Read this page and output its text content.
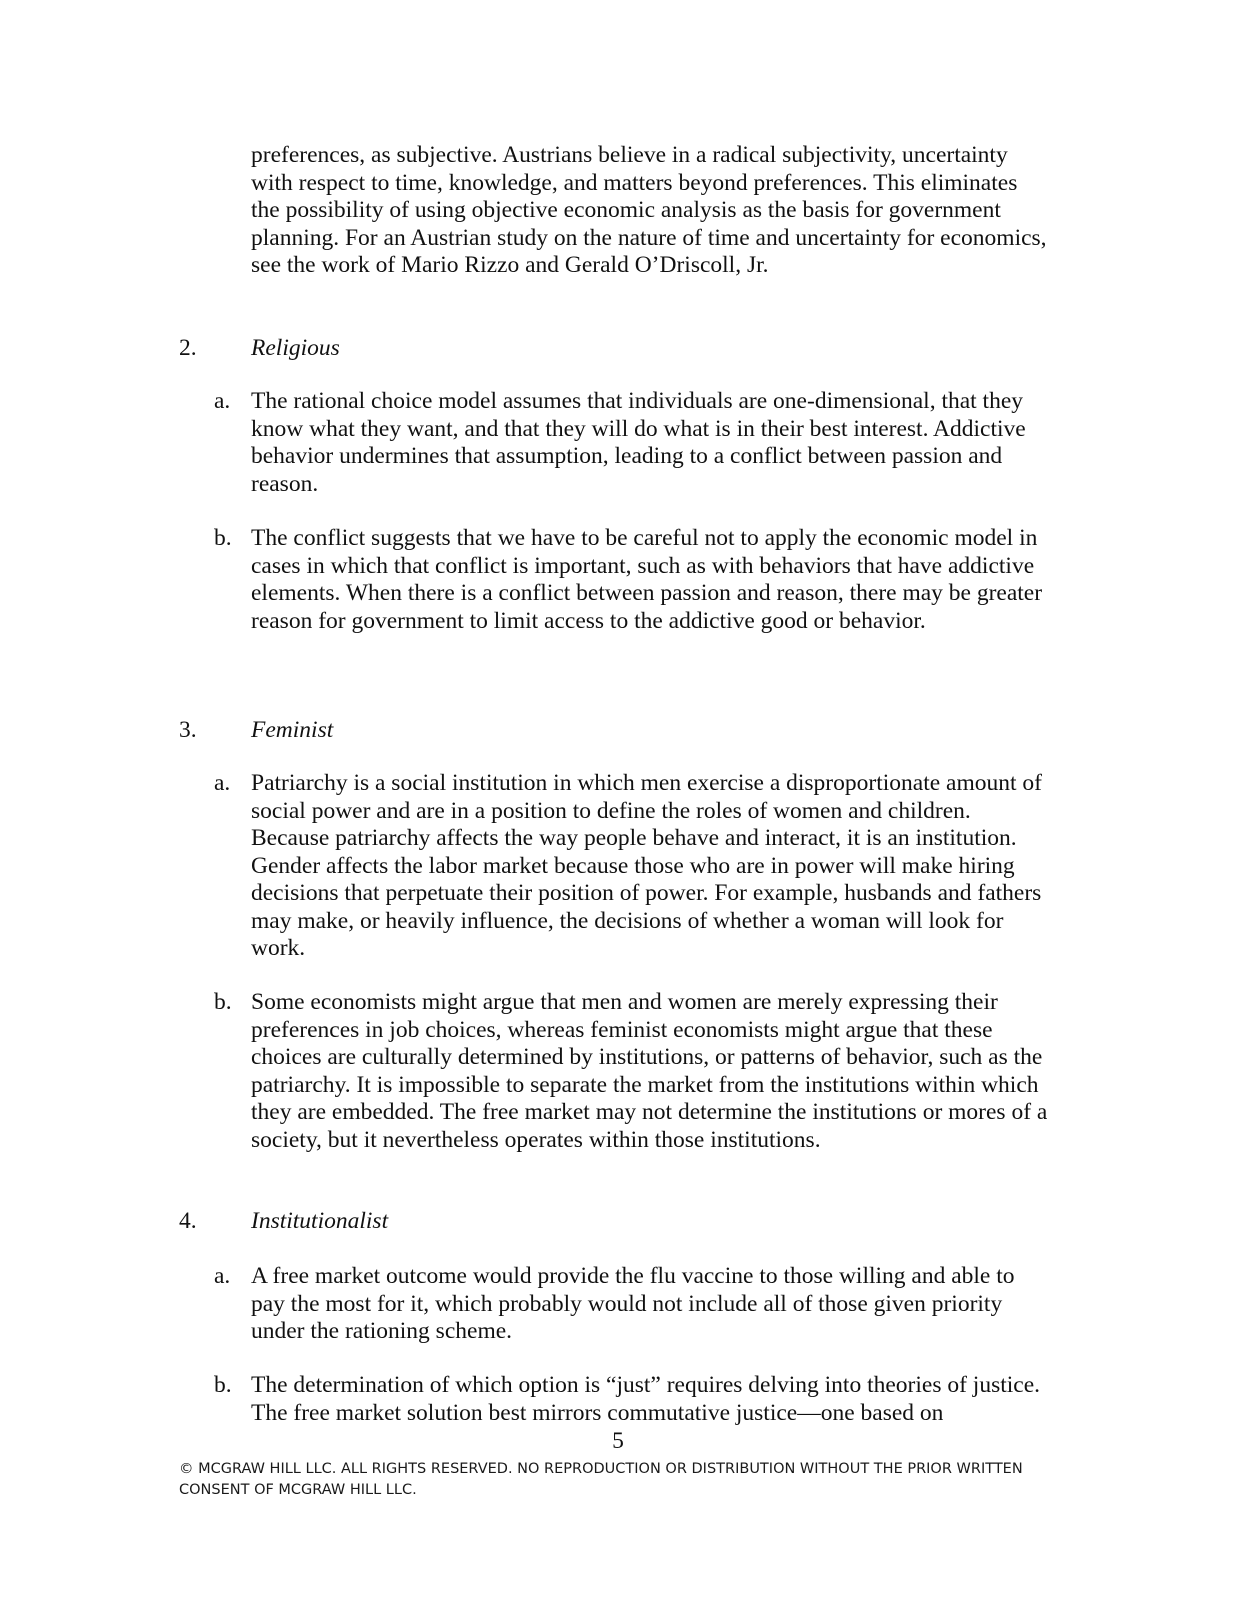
preferences, as subjective. Austrians believe in a radical subjectivity, uncertainty with respect to time, knowledge, and matters beyond preferences. This eliminates the possibility of using objective economic analysis as the basis for government planning. For an Austrian study on the nature of time and uncertainty for economics, see the work of Mario Rizzo and Gerald O’Driscoll, Jr.

2. Religious
a. The rational choice model assumes that individuals are one-dimensional, that they know what they want, and that they will do what is in their best interest. Addictive behavior undermines that assumption, leading to a conflict between passion and reason.

b. The conflict suggests that we have to be careful not to apply the economic model in cases in which that conflict is important, such as with behaviors that have addictive elements. When there is a conflict between passion and reason, there may be greater reason for government to limit access to the addictive good or behavior.

3. Feminist
a. Patriarchy is a social institution in which men exercise a disproportionate amount of social power and are in a position to define the roles of women and children. Because patriarchy affects the way people behave and interact, it is an institution. Gender affects the labor market because those who are in power will make hiring decisions that perpetuate their position of power. For example, husbands and fathers may make, or heavily influence, the decisions of whether a woman will look for work.

b. Some economists might argue that men and women are merely expressing their preferences in job choices, whereas feminist economists might argue that these choices are culturally determined by institutions, or patterns of behavior, such as the patriarchy. It is impossible to separate the market from the institutions within which they are embedded. The free market may not determine the institutions or mores of a society, but it nevertheless operates within those institutions.

4. Institutionalist
a. A free market outcome would provide the flu vaccine to those willing and able to pay the most for it, which probably would not include all of those given priority under the rationing scheme.

b. The determination of which option is “just” requires delving into theories of justice. The free market solution best mirrors commutative justice—one based on

5
© MCGRAW HILL LLC. ALL RIGHTS RESERVED. NO REPRODUCTION OR DISTRIBUTION WITHOUT THE PRIOR WRITTEN CONSENT OF MCGRAW HILL LLC.
